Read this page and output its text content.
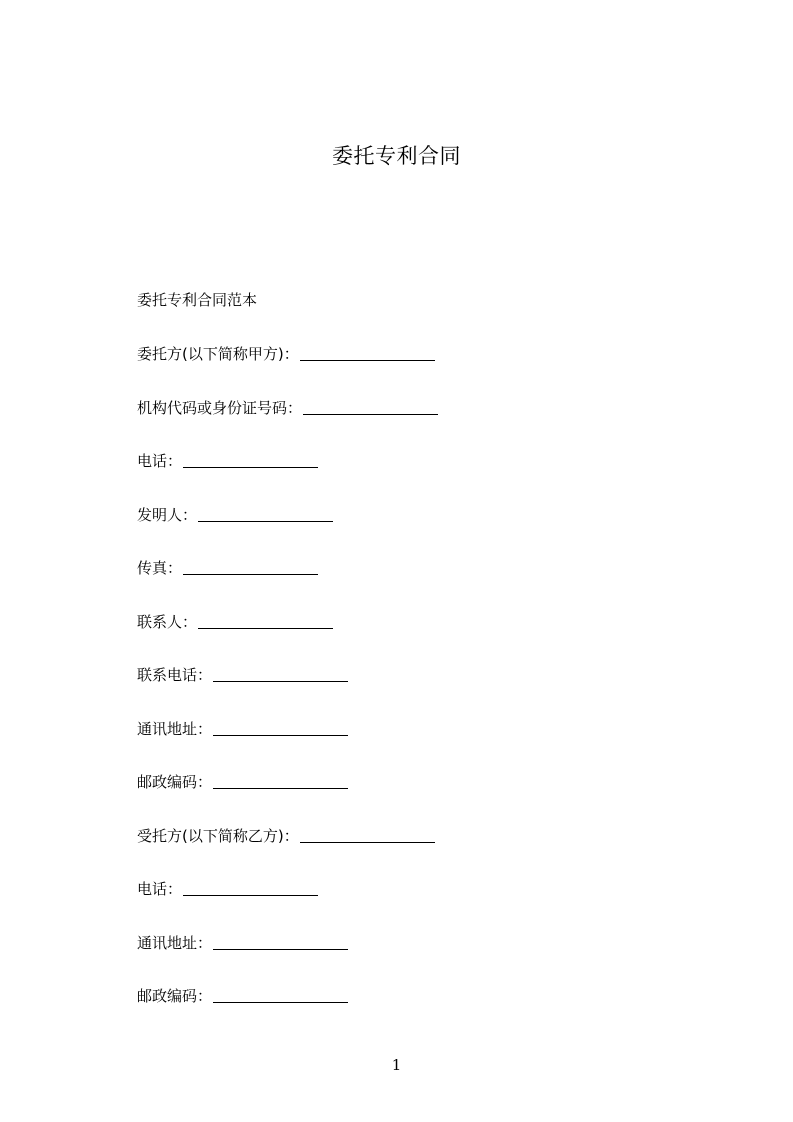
委托专利合同
委托专利合同范本
委托方(以下简称甲方)：
机构代码或身份证号码：
电话：
发明人：
传真：
联系人：
联系电话：
通讯地址：
邮政编码：
受托方(以下简称乙方)：
电话：
通讯地址：
邮政编码：
1
